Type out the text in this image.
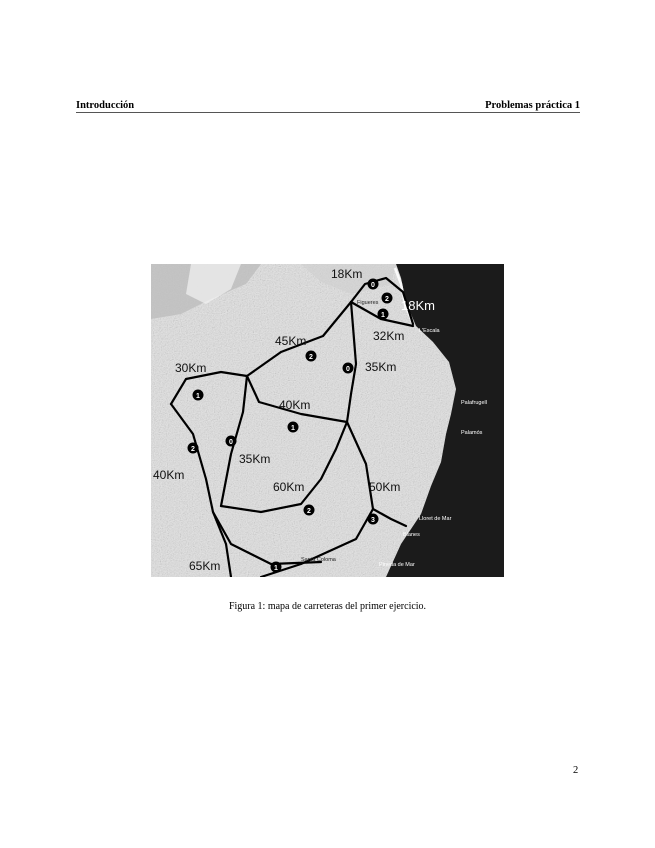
Introducción	Problemas práctica 1
18Km
18Km
32Km
45Km
35Km
30Km
40Km
35Km
60Km
40Km
50Km
65Km
0
2
1
2
0
1
1
2
0
2
3
1
Figueres
L'Escala
Palafrugell
Palamós
Lloret de Mar
Blanes
Pineda de Mar
Santa Coloma
Figura 1: mapa de carreteras del primer ejercicio.
2
